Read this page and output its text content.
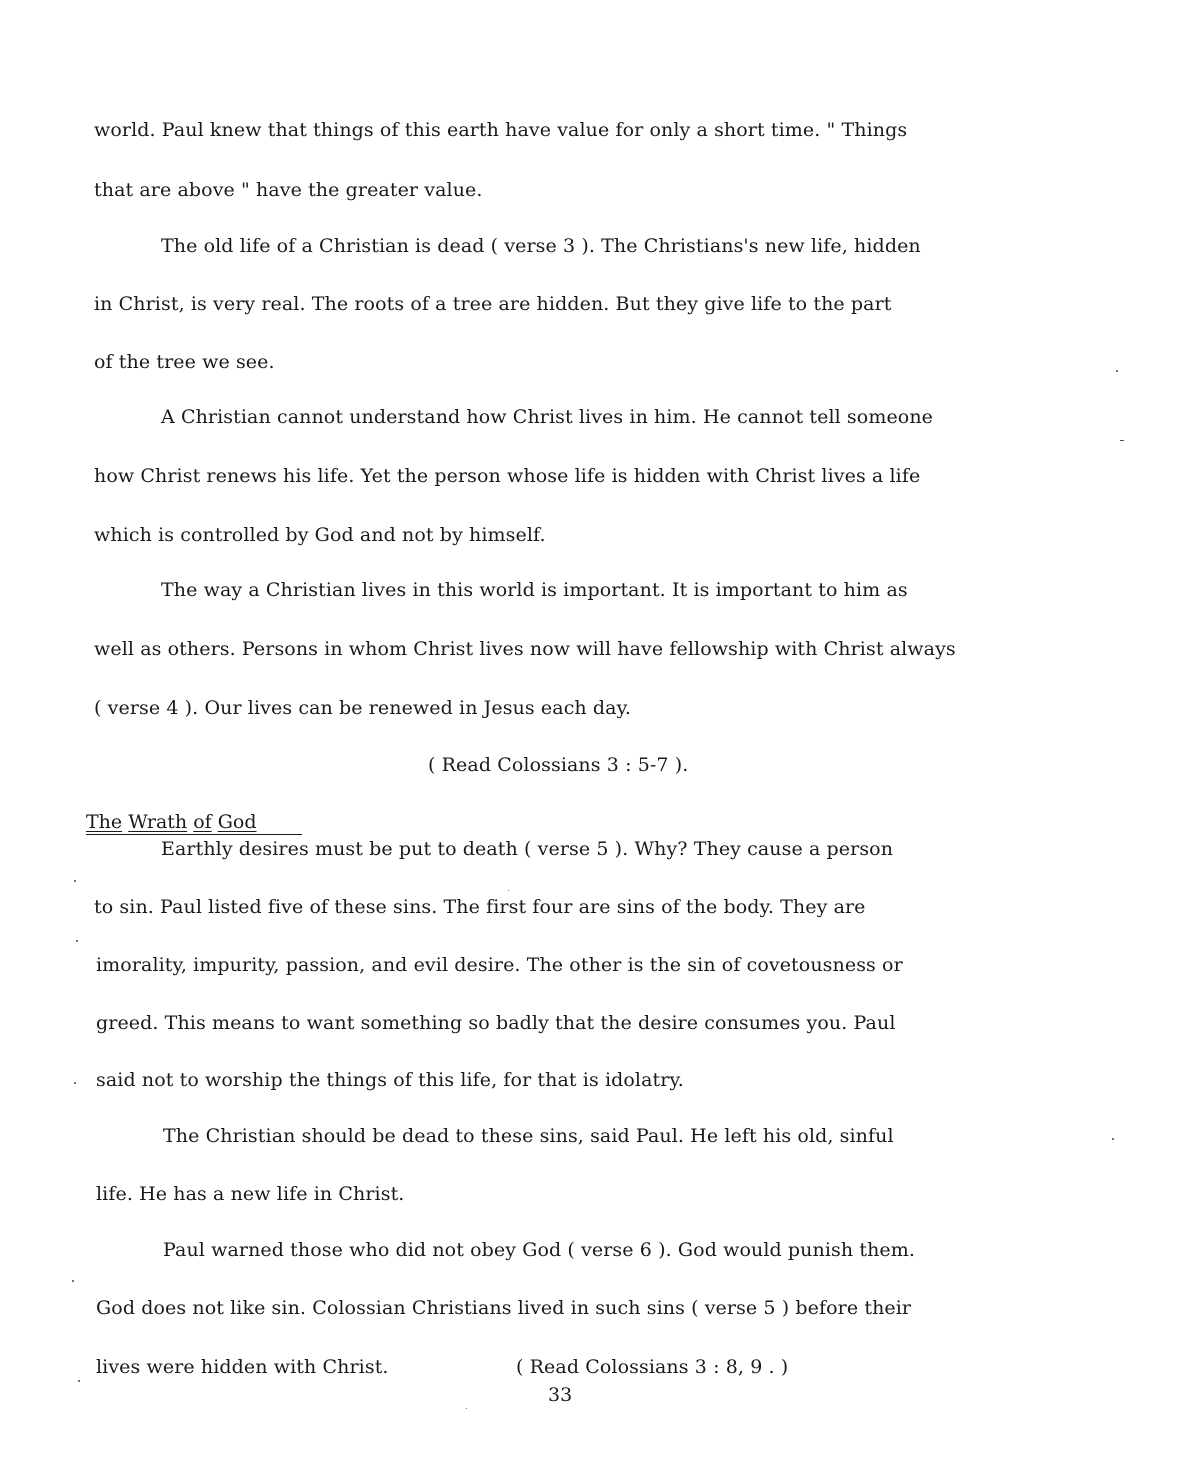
world. Paul knew that things of this earth have value for only a short time. " Things
that are above " have the greater value.
The old life of a Christian is dead ( verse 3 ). The Christians's new life, hidden
in Christ, is very real. The roots of a tree are hidden. But they give life to the part
of the tree we see.
A Christian cannot understand how Christ lives in him. He cannot tell someone
how Christ renews his life. Yet the person whose life is hidden with Christ lives a life
which is controlled by God and not by himself.
The way a Christian lives in this world is important. It is important to him as
well as others. Persons in whom Christ lives now will have fellowship with Christ always
( verse 4 ). Our lives can be renewed in Jesus each day.
( Read Colossians 3 : 5-7 ).
The Wrath of God
Earthly desires must be put to death ( verse 5 ). Why? They cause a person
to sin. Paul listed five of these sins. The first four are sins of the body. They are
imorality, impurity, passion, and evil desire. The other is the sin of covetousness or
greed. This means to want something so badly that the desire consumes you. Paul
said not to worship the things of this life, for that is idolatry.
The Christian should be dead to these sins, said Paul. He left his old, sinful
life. He has a new life in Christ.
Paul warned those who did not obey God ( verse 6 ). God would punish them.
God does not like sin. Colossian Christians lived in such sins ( verse 5 ) before their
lives were hidden with Christ.	( Read Colossians 3 : 8, 9 . )
33
